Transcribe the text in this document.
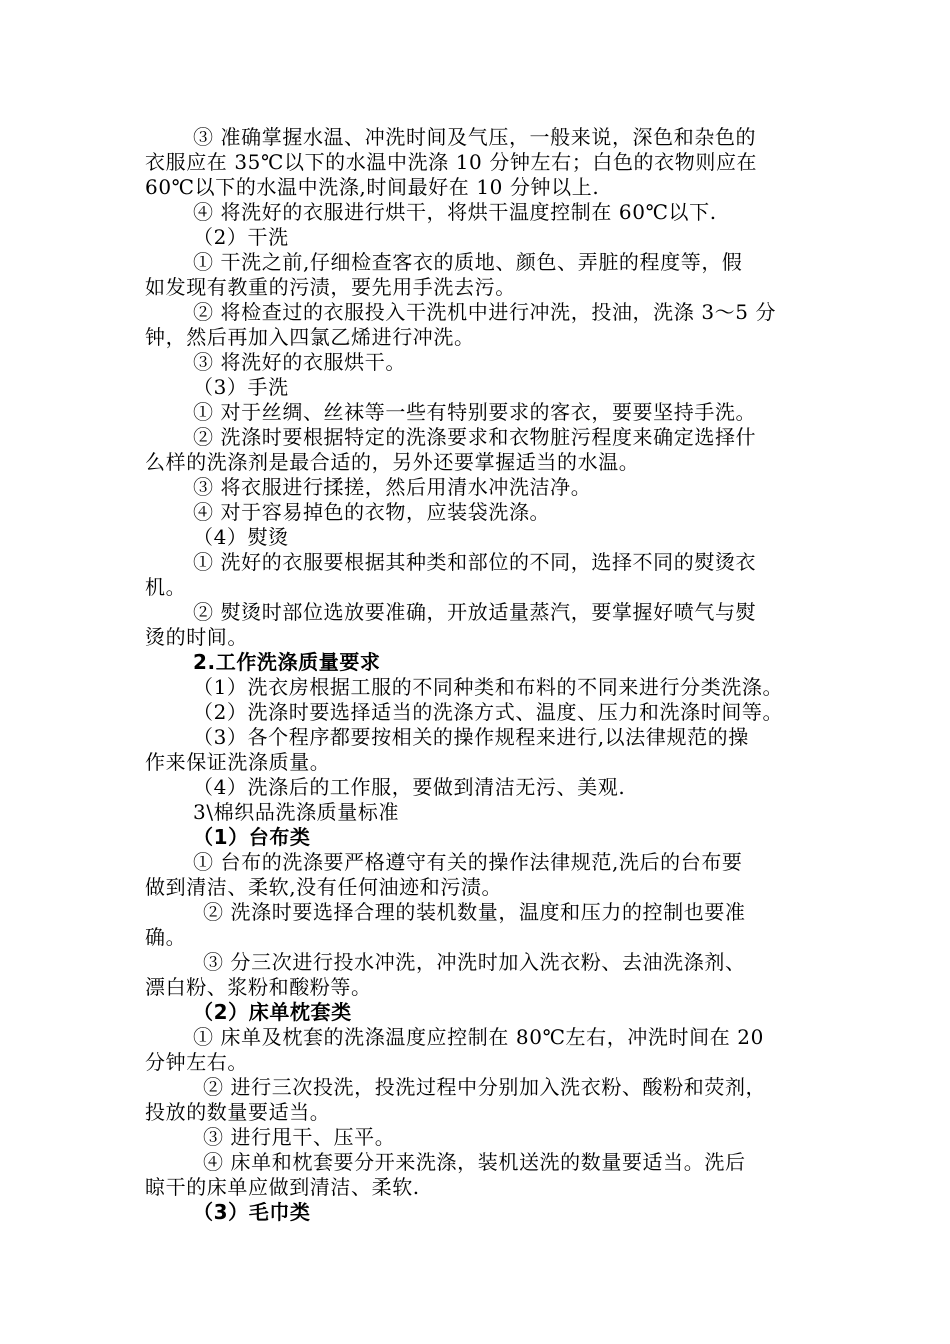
③ 准确掌握水温、冲洗时间及气压，一般来说，深色和杂色的
衣服应在 35℃以下的水温中洗涤 10 分钟左右；白色的衣物则应在
60℃以下的水温中洗涤,时间最好在 10 分钟以上.
④ 将洗好的衣服进行烘干，将烘干温度控制在 60℃以下.
（2）干洗
① 干洗之前,仔细检查客衣的质地、颜色、弄脏的程度等，假
如发现有教重的污渍，要先用手洗去污。
② 将检查过的衣服投入干洗机中进行冲洗，投油，洗涤 3～5 分
钟，然后再加入四氯乙烯进行冲洗。
③ 将洗好的衣服烘干。
（3）手洗
① 对于丝绸、丝袜等一些有特别要求的客衣，要要坚持手洗。
② 洗涤时要根据特定的洗涤要求和衣物脏污程度来确定选择什
么样的洗涤剂是最合适的，另外还要掌握适当的水温。
③ 将衣服进行揉搓，然后用清水冲洗洁净。
④ 对于容易掉色的衣物，应装袋洗涤。
（4）熨烫
① 洗好的衣服要根据其种类和部位的不同，选择不同的熨烫衣
机。
② 熨烫时部位选放要准确，开放适量蒸汽，要掌握好喷气与熨
烫的时间。
2.工作洗涤质量要求
（1）洗衣房根据工服的不同种类和布料的不同来进行分类洗涤。
（2）洗涤时要选择适当的洗涤方式、温度、压力和洗涤时间等。
（3）各个程序都要按相关的操作规程来进行,以法律规范的操
作来保证洗涤质量。
（4）洗涤后的工作服，要做到清洁无污、美观.
3\棉织品洗涤质量标准
（1）台布类
① 台布的洗涤要严格遵守有关的操作法律规范,洗后的台布要
做到清洁、柔软,没有任何油迹和污渍。
② 洗涤时要选择合理的装机数量，温度和压力的控制也要准
确。
③ 分三次进行投水冲洗，冲洗时加入洗衣粉、去油洗涤剂、
漂白粉、浆粉和酸粉等。
（2）床单枕套类
① 床单及枕套的洗涤温度应控制在 80℃左右，冲洗时间在 20
分钟左右。
② 进行三次投洗，投洗过程中分别加入洗衣粉、酸粉和荧剂，
投放的数量要适当。
③ 进行甩干、压平。
④ 床单和枕套要分开来洗涤，装机送洗的数量要适当。洗后
晾干的床单应做到清洁、柔软.
（3）毛巾类
